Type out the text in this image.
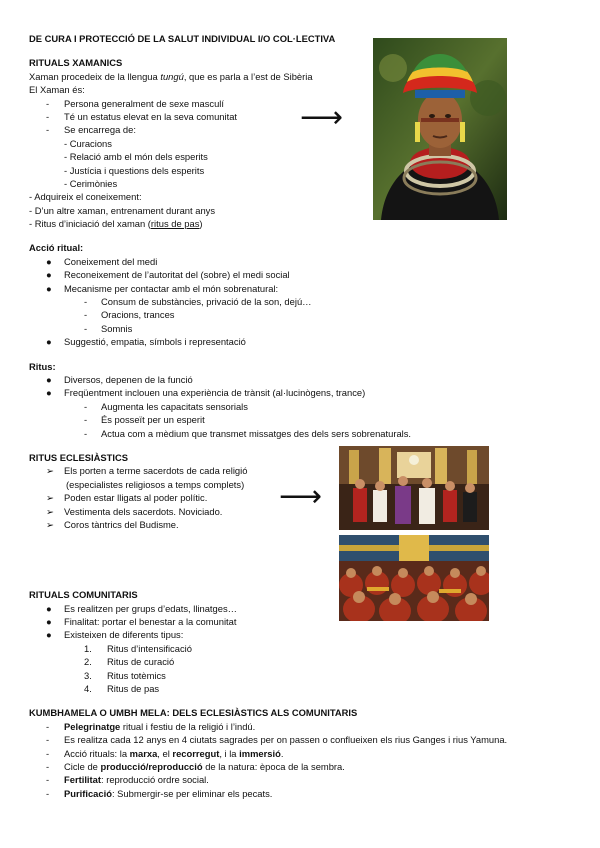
DE CURA I PROTECCIÓ DE LA SALUT INDIVIDUAL I/O COL·LECTIVA
RITUALS XAMANICS
Xaman procedeix de la llengua tungú, que es parla a l’est de Sibèria
El Xaman és:
- Persona generalment de sexe masculí
- Té un estatus elevat en la seva comunitat
- Se encarrega de:
- Curacions
- Relació amb el món dels esperits
- Justícia i questions dels esperits
- Cerimònies
- Adquireix el coneixement:
- D’un altre xaman, entrenament durant anys
- Ritus d’iniciació del xaman (ritus de pas)
Acció ritual:
● Coneixement del medi
● Reconeixement de l’autoritat del (sobre) el medi social
● Mecanisme per contactar amb el món sobrenatural:
- Consum de substàncies, privació de la son, dejú…
- Oracions, trances
- Somnis
● Suggestió, empatia, símbols i representació
Ritus:
● Diversos, depenen de la funció
● Freqüentment inclouen una experiència de trànsit (al·lucinògens, trance)
- Augmenta les capacitats sensorials
- És posseït per un esperit
- Actua com a mèdium que transmet missatges des dels sers sobrenaturals.
RITUS ECLESIÀSTICS
➢ Els porten a terme sacerdots de cada religió
(especialistes religiosos a temps complets)
➢ Poden estar lligats al poder polític.
➢ Vestimenta dels sacerdots. Noviciado.
➢ Coros tàntrics del Budisme.
RITUALS COMUNITARIS
● Es realitzen per grups d’edats, llinatges…
● Finalitat: portar el benestar a la comunitat
● Existeixen de diferents tipus:
1. Ritus d’intensificació
2. Ritus de curació
3. Ritus totèmics
4. Ritus de pas
KUMBHAMELA O UMBH MELA: DELS ECLESIÀSTICS ALS COMUNITARIS
- Pelegrinatge ritual i festiu de la religió i l’indú.
- Es realitza cada 12 anys en 4 ciutats sagrades per on passen o conflueixen els rius Ganges i rius Yamuna.
- Acció rituals: la marxa, el recorregut, i la immersió.
- Cicle de producció/reproducció de la natura: època de la sembra.
- Fertilitat: reproducció ordre social.
- Purificació: Submergir-se per eliminar els pecats.
⟶
⟶
